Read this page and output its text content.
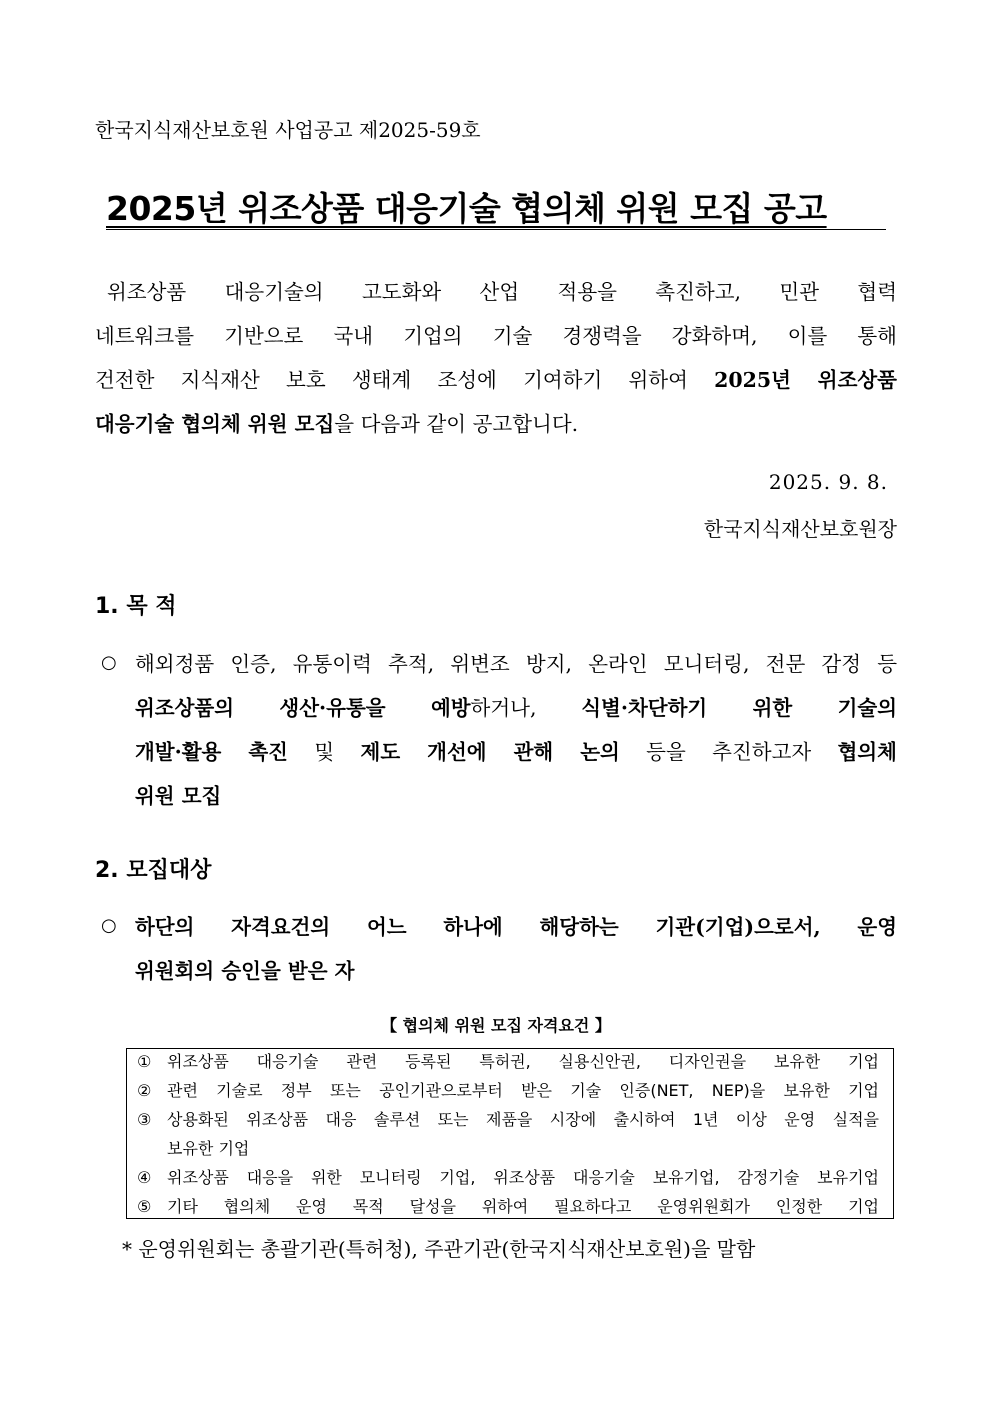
한국지식재산보호원 사업공고 제2025-59호
2025년 위조상품 대응기술 협의체 위원 모집 공고
위조상품 대응기술의 고도화와 산업 적용을 촉진하고, 민관 협력
네트워크를 기반으로 국내 기업의 기술 경쟁력을 강화하며, 이를 통해
건전한 지식재산 보호 생태계 조성에 기여하기 위하여 2025년 위조상품
대응기술 협의체 위원 모집을 다음과 같이 공고합니다.
2025. 9. 8.
한국지식재산보호원장
1. 목 적
○ 해외정품 인증, 유통이력 추적, 위변조 방지, 온라인 모니터링, 전문 감정 등
위조상품의 생산·유통을 예방하거나, 식별·차단하기 위한 기술의
개발·활용 촉진 및 제도 개선에 관해 논의 등을 추진하고자 협의체
위원 모집
2. 모집대상
○ 하단의 자격요건의 어느 하나에 해당하는 기관(기업)으로서, 운영
위원회의 승인을 받은 자
【 협의체 위원 모집 자격요건 】
① 위조상품 대응기술 관련 등록된 특허권, 실용신안권, 디자인권을 보유한 기업
② 관련 기술로 정부 또는 공인기관으로부터 받은 기술 인증(NET, NEP)을 보유한 기업
③ 상용화된 위조상품 대응 솔루션 또는 제품을 시장에 출시하여 1년 이상 운영 실적을
보유한 기업
④ 위조상품 대응을 위한 모니터링 기업, 위조상품 대응기술 보유기업, 감정기술 보유기업
⑤ 기타 협의체 운영 목적 달성을 위하여 필요하다고 운영위원회가 인정한 기업
* 운영위원회는 총괄기관(특허청), 주관기관(한국지식재산보호원)을 말함
